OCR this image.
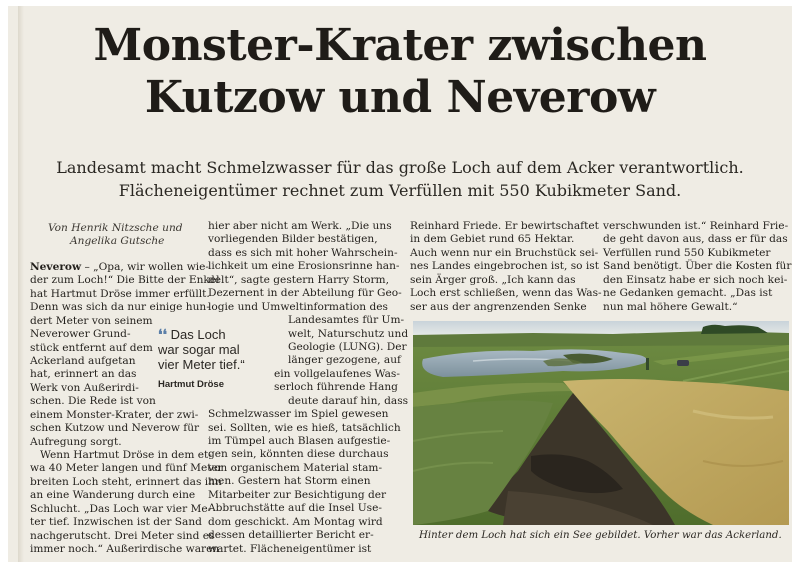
Monster-Krater zwischen
Kutzow und Neverow
Landesamt macht Schmelzwasser für das große Loch auf dem Acker verantwortlich.
Flächeneigentümer rechnet zum Verfüllen mit 550 Kubikmeter Sand.
Von Henrik Nitzsche und
Angelika Gutsche
Neverow – „Opa, wir wollen wie-
der zum Loch!“ Die Bitte der Enkel
hat Hartmut Dröse immer erfüllt.
Denn was sich da nur einige hun-
dert Meter von seinem
Neverower Grund-
stück entfernt auf dem
Ackerland aufgetan
hat, erinnert an das
Werk von Außerirdi-
schen. Die Rede ist von
einem Monster-Krater, der zwi-
schen Kutzow und Neverow für
Aufregung sorgt.
Wenn Hartmut Dröse in dem et-
wa 40 Meter langen und fünf Meter
breiten Loch steht, erinnert das ihn
an eine Wanderung durch eine
Schlucht. „Das Loch war vier Me-
ter tief. Inzwischen ist der Sand
nachgerutscht. Drei Meter sind es
immer noch.“ Außerirdische waren
❛❛ Das Loch
war sogar mal
vier Meter tief.“
Hartmut Dröse
hier aber nicht am Werk. „Die uns
vorliegenden Bilder bestätigen,
dass es sich mit hoher Wahrschein-
lichkeit um eine Erosionsrinne han-
delt“, sagte gestern Harry Storm,
Dezernent in der Abteilung für Geo-
logie und Umweltinformation des
Landesamtes für Um-
welt, Naturschutz und
Geologie (LUNG). Der
länger gezogene, auf
ein vollgelaufenes Was-
serloch führende Hang
deute darauf hin, dass
Schmelzwasser im Spiel gewesen
sei. Sollten, wie es hieß, tatsächlich
im Tümpel auch Blasen aufgestie-
gen sein, könnten diese durchaus
von organischem Material stam-
men. Gestern hat Storm einen
Mitarbeiter zur Besichtigung der
Abbruchstätte auf die Insel Use-
dom geschickt. Am Montag wird
dessen detaillierter Bericht er-
wartet. Flächeneigentümer ist
Reinhard Friede. Er bewirtschaftet
in dem Gebiet rund 65 Hektar.
Auch wenn nur ein Bruchstück sei-
nes Landes eingebrochen ist, so ist
sein Ärger groß. „Ich kann das
Loch erst schließen, wenn das Was-
ser aus der angrenzenden Senke
verschwunden ist.“ Reinhard Frie-
de geht davon aus, dass er für das
Verfüllen rund 550 Kubikmeter
Sand benötigt. Über die Kosten für
den Einsatz habe er sich noch kei-
ne Gedanken gemacht. „Das ist
nun mal höhere Gewalt.“
Hinter dem Loch hat sich ein See gebildet. Vorher war das Ackerland.
